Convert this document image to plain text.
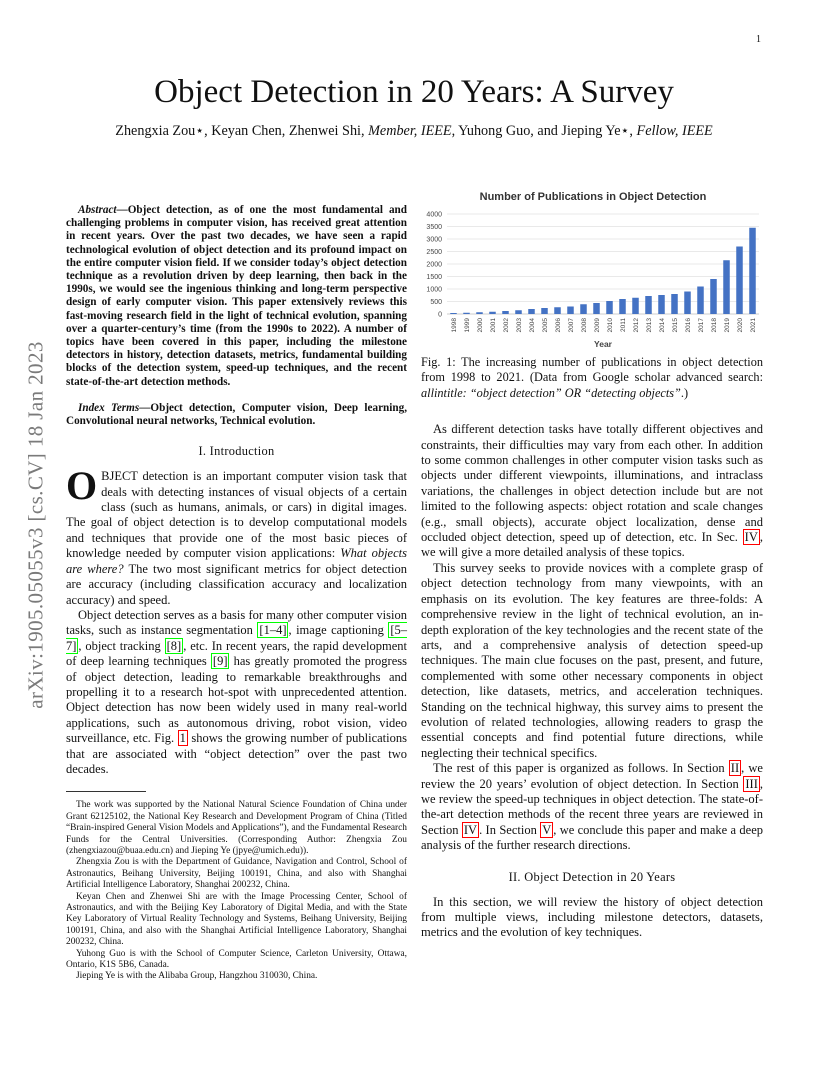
1
arXiv:1905.05055v3 [cs.CV] 18 Jan 2023
Object Detection in 20 Years: A Survey
Zhengxia Zou⋆, Keyan Chen, Zhenwei Shi, Member, IEEE, Yuhong Guo, and Jieping Ye⋆, Fellow, IEEE

Abstract—Object detection, as of one the most fundamental and challenging problems in computer vision, has received great attention in recent years. Over the past two decades, we have seen a rapid technological evolution of object detection and its profound impact on the entire computer vision field. If we consider today’s object detection technique as a revolution driven by deep learning, then back in the 1990s, we would see the ingenious thinking and long-term perspective design of early computer vision. This paper extensively reviews this fast-moving research field in the light of technical evolution, spanning over a quarter-century’s time (from the 1990s to 2022). A number of topics have been covered in this paper, including the milestone detectors in history, detection datasets, metrics, fundamental building blocks of the detection system, speed-up techniques, and the recent state-of-the-art detection methods.

Index Terms—Object detection, Computer vision, Deep learning, Convolutional neural networks, Technical evolution.

I. Introduction

OBJECT detection is an important computer vision task that deals with detecting instances of visual objects of a certain class (such as humans, animals, or cars) in digital images. The goal of object detection is to develop computational models and techniques that provide one of the most basic pieces of knowledge needed by computer vision applications: What objects are where? The two most significant metrics for object detection are accuracy (including classification accuracy and localization accuracy) and speed.

Object detection serves as a basis for many other computer vision tasks, such as instance segmentation [1–4] , image captioning [5–7] , object tracking [8] , etc. In recent years, the rapid development of deep learning techniques [9] has greatly promoted the progress of object detection, leading to remarkable breakthroughs and propelling it to a research hot-spot with unprecedented attention. Object detection has now been widely used in many real-world applications, such as autonomous driving, robot vision, video surveillance, etc. Fig. 1 shows the growing number of publications that are associated with “object detection” over the past two decades.

The work was supported by the National Natural Science Foundation of China under Grant 62125102, the National Key Research and Development Program of China (Titled “Brain-inspired General Vision Models and Applications”), and the Fundamental Research Funds for the Central Universities. (Corresponding Author: Zhengxia Zou (zhengxiazou@buaa.edu.cn) and Jieping Ye (jpye@umich.edu)).

Zhengxia Zou is with the Department of Guidance, Navigation and Control, School of Astronautics, Beihang University, Beijing 100191, China, and also with Shanghai Artificial Intelligence Laboratory, Shanghai 200232, China.

Keyan Chen and Zhenwei Shi are with the Image Processing Center, School of Astronautics, and with the Beijing Key Laboratory of Digital Media, and with the State Key Laboratory of Virtual Reality Technology and Systems, Beihang University, Beijing 100191, China, and also with the Shanghai Artificial Intelligence Laboratory, Shanghai 200232, China.

Yuhong Guo is with the School of Computer Science, Carleton University, Ottawa, Ontario, K1S 5B6, Canada.

Jieping Ye is with the Alibaba Group, Hangzhou 310030, China.

Number of Publications in Object Detection
0
500
1000
1500
2000
2500
3000
3500
4000
1998 1999 2000 2001 2002 2003 2004 2005 2006 2007 2008 2009 2010 2011 2012 2013 2014 2015 2016 2017 2018 2019 2020 2021
Year

Fig. 1: The increasing number of publications in object detection from 1998 to 2021. (Data from Google scholar advanced search: allintitle: “object detection” OR “detecting objects”.)

As different detection tasks have totally different objectives and constraints, their difficulties may vary from each other. In addition to some common challenges in other computer vision tasks such as objects under different viewpoints, illuminations, and intraclass variations, the challenges in object detection include but are not limited to the following aspects: object rotation and scale changes (e.g., small objects), accurate object localization, dense and occluded object detection, speed up of detection, etc. In Sec. IV , we will give a more detailed analysis of these topics.

This survey seeks to provide novices with a complete grasp of object detection technology from many viewpoints, with an emphasis on its evolution. The key features are three-folds: A comprehensive review in the light of technical evolution, an in-depth exploration of the key technologies and the recent state of the arts, and a comprehensive analysis of detection speed-up techniques. The main clue focuses on the past, present, and future, complemented with some other necessary components in object detection, like datasets, metrics, and acceleration techniques. Standing on the technical highway, this survey aims to present the evolution of related technologies, allowing readers to grasp the essential concepts and find potential future directions, while neglecting their technical specifics.

The rest of this paper is organized as follows. In Section II , we review the 20 years’ evolution of object detection. In Section III , we review the speed-up techniques in object detection. The state-of-the-art detection methods of the recent three years are reviewed in Section IV . In Section V , we conclude this paper and make a deep analysis of the further research directions.

II. Object Detection in 20 Years

In this section, we will review the history of object detection from multiple views, including milestone detectors, datasets, metrics and the evolution of key techniques.
